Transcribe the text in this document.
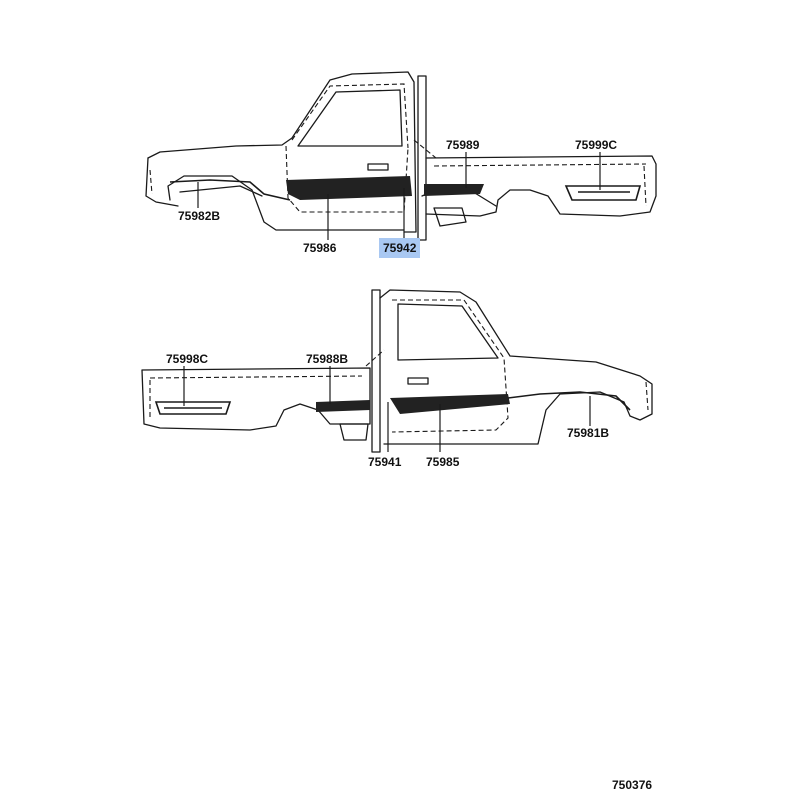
75989	75999C
75982B
75986	75942
75998C	75988B
75941 75985
75981B
750376
